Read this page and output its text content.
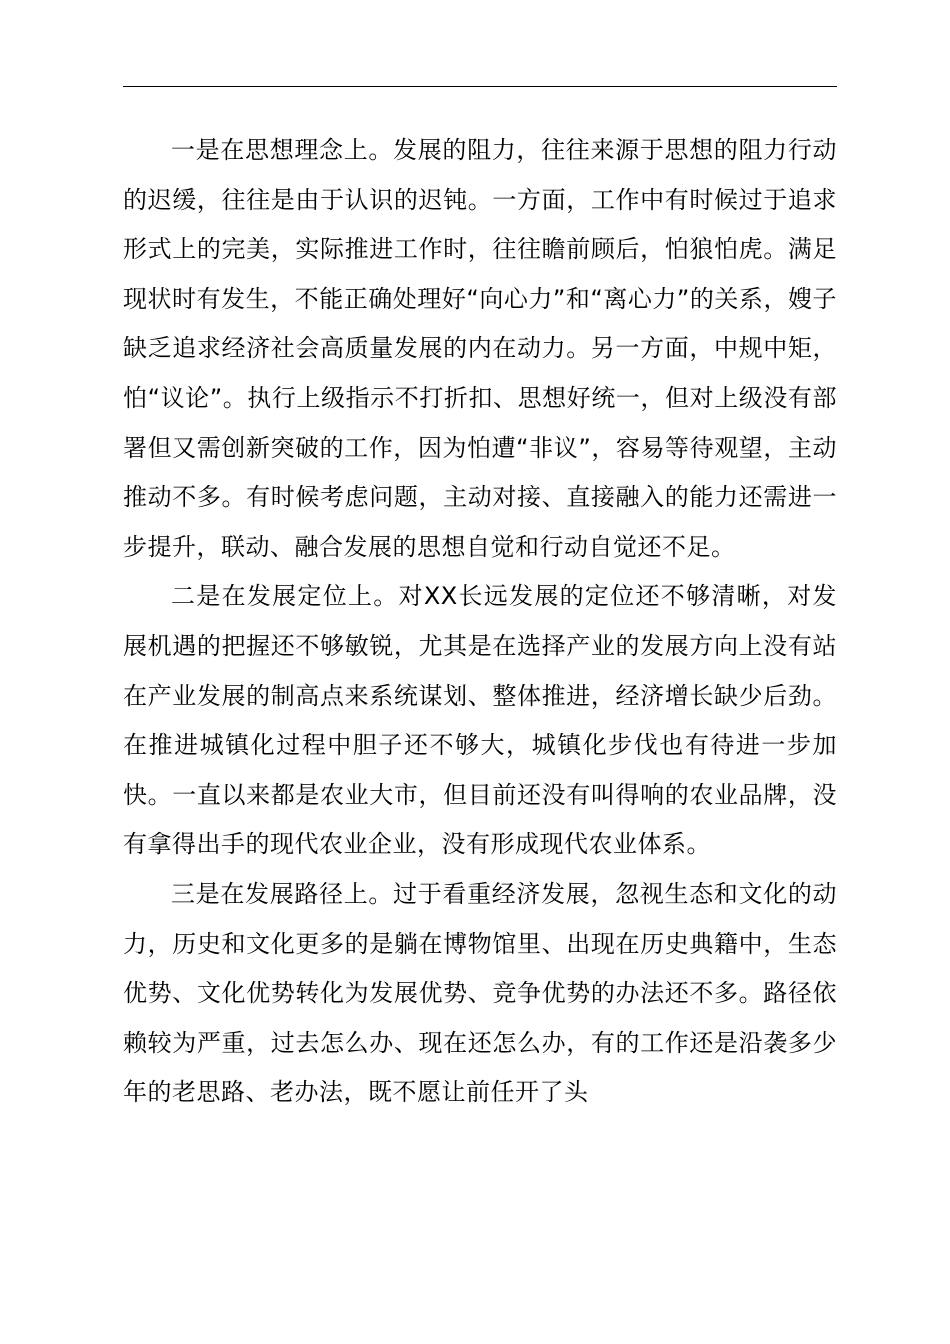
一是在思想理念上。发展的阻力，往往来源于思想的阻力行动的迟缓，往往是由于认识的迟钝。一方面，工作中有时候过于追求形式上的完美，实际推进工作时，往往瞻前顾后，怕狼怕虎。满足现状时有发生，不能正确处理好“向心力”和“离心力”的关系，嫂子缺乏追求经济社会高质量发展的内在动力。另一方面，中规中矩，怕“议论”。执行上级指示不打折扣、思想好统一，但对上级没有部署但又需创新突破的工作，因为怕遭“非议”，容易等待观望，主动推动不多。有时候考虑问题，主动对接、直接融入的能力还需进一步提升，联动、融合发展的思想自觉和行动自觉还不足。

二是在发展定位上。对XX长远发展的定位还不够清晰，对发展机遇的把握还不够敏锐，尤其是在选择产业的发展方向上没有站在产业发展的制高点来系统谋划、整体推进，经济增长缺少后劲。在推进城镇化过程中胆子还不够大，城镇化步伐也有待进一步加快。一直以来都是农业大市，但目前还没有叫得响的农业品牌，没有拿得出手的现代农业企业，没有形成现代农业体系。

三是在发展路径上。过于看重经济发展，忽视生态和文化的动力，历史和文化更多的是躺在博物馆里、出现在历史典籍中，生态优势、文化优势转化为发展优势、竞争优势的办法还不多。路径依赖较为严重，过去怎么办、现在还怎么办，有的工作还是沿袭多少年的老思路、老办法，既不愿让前任开了头
